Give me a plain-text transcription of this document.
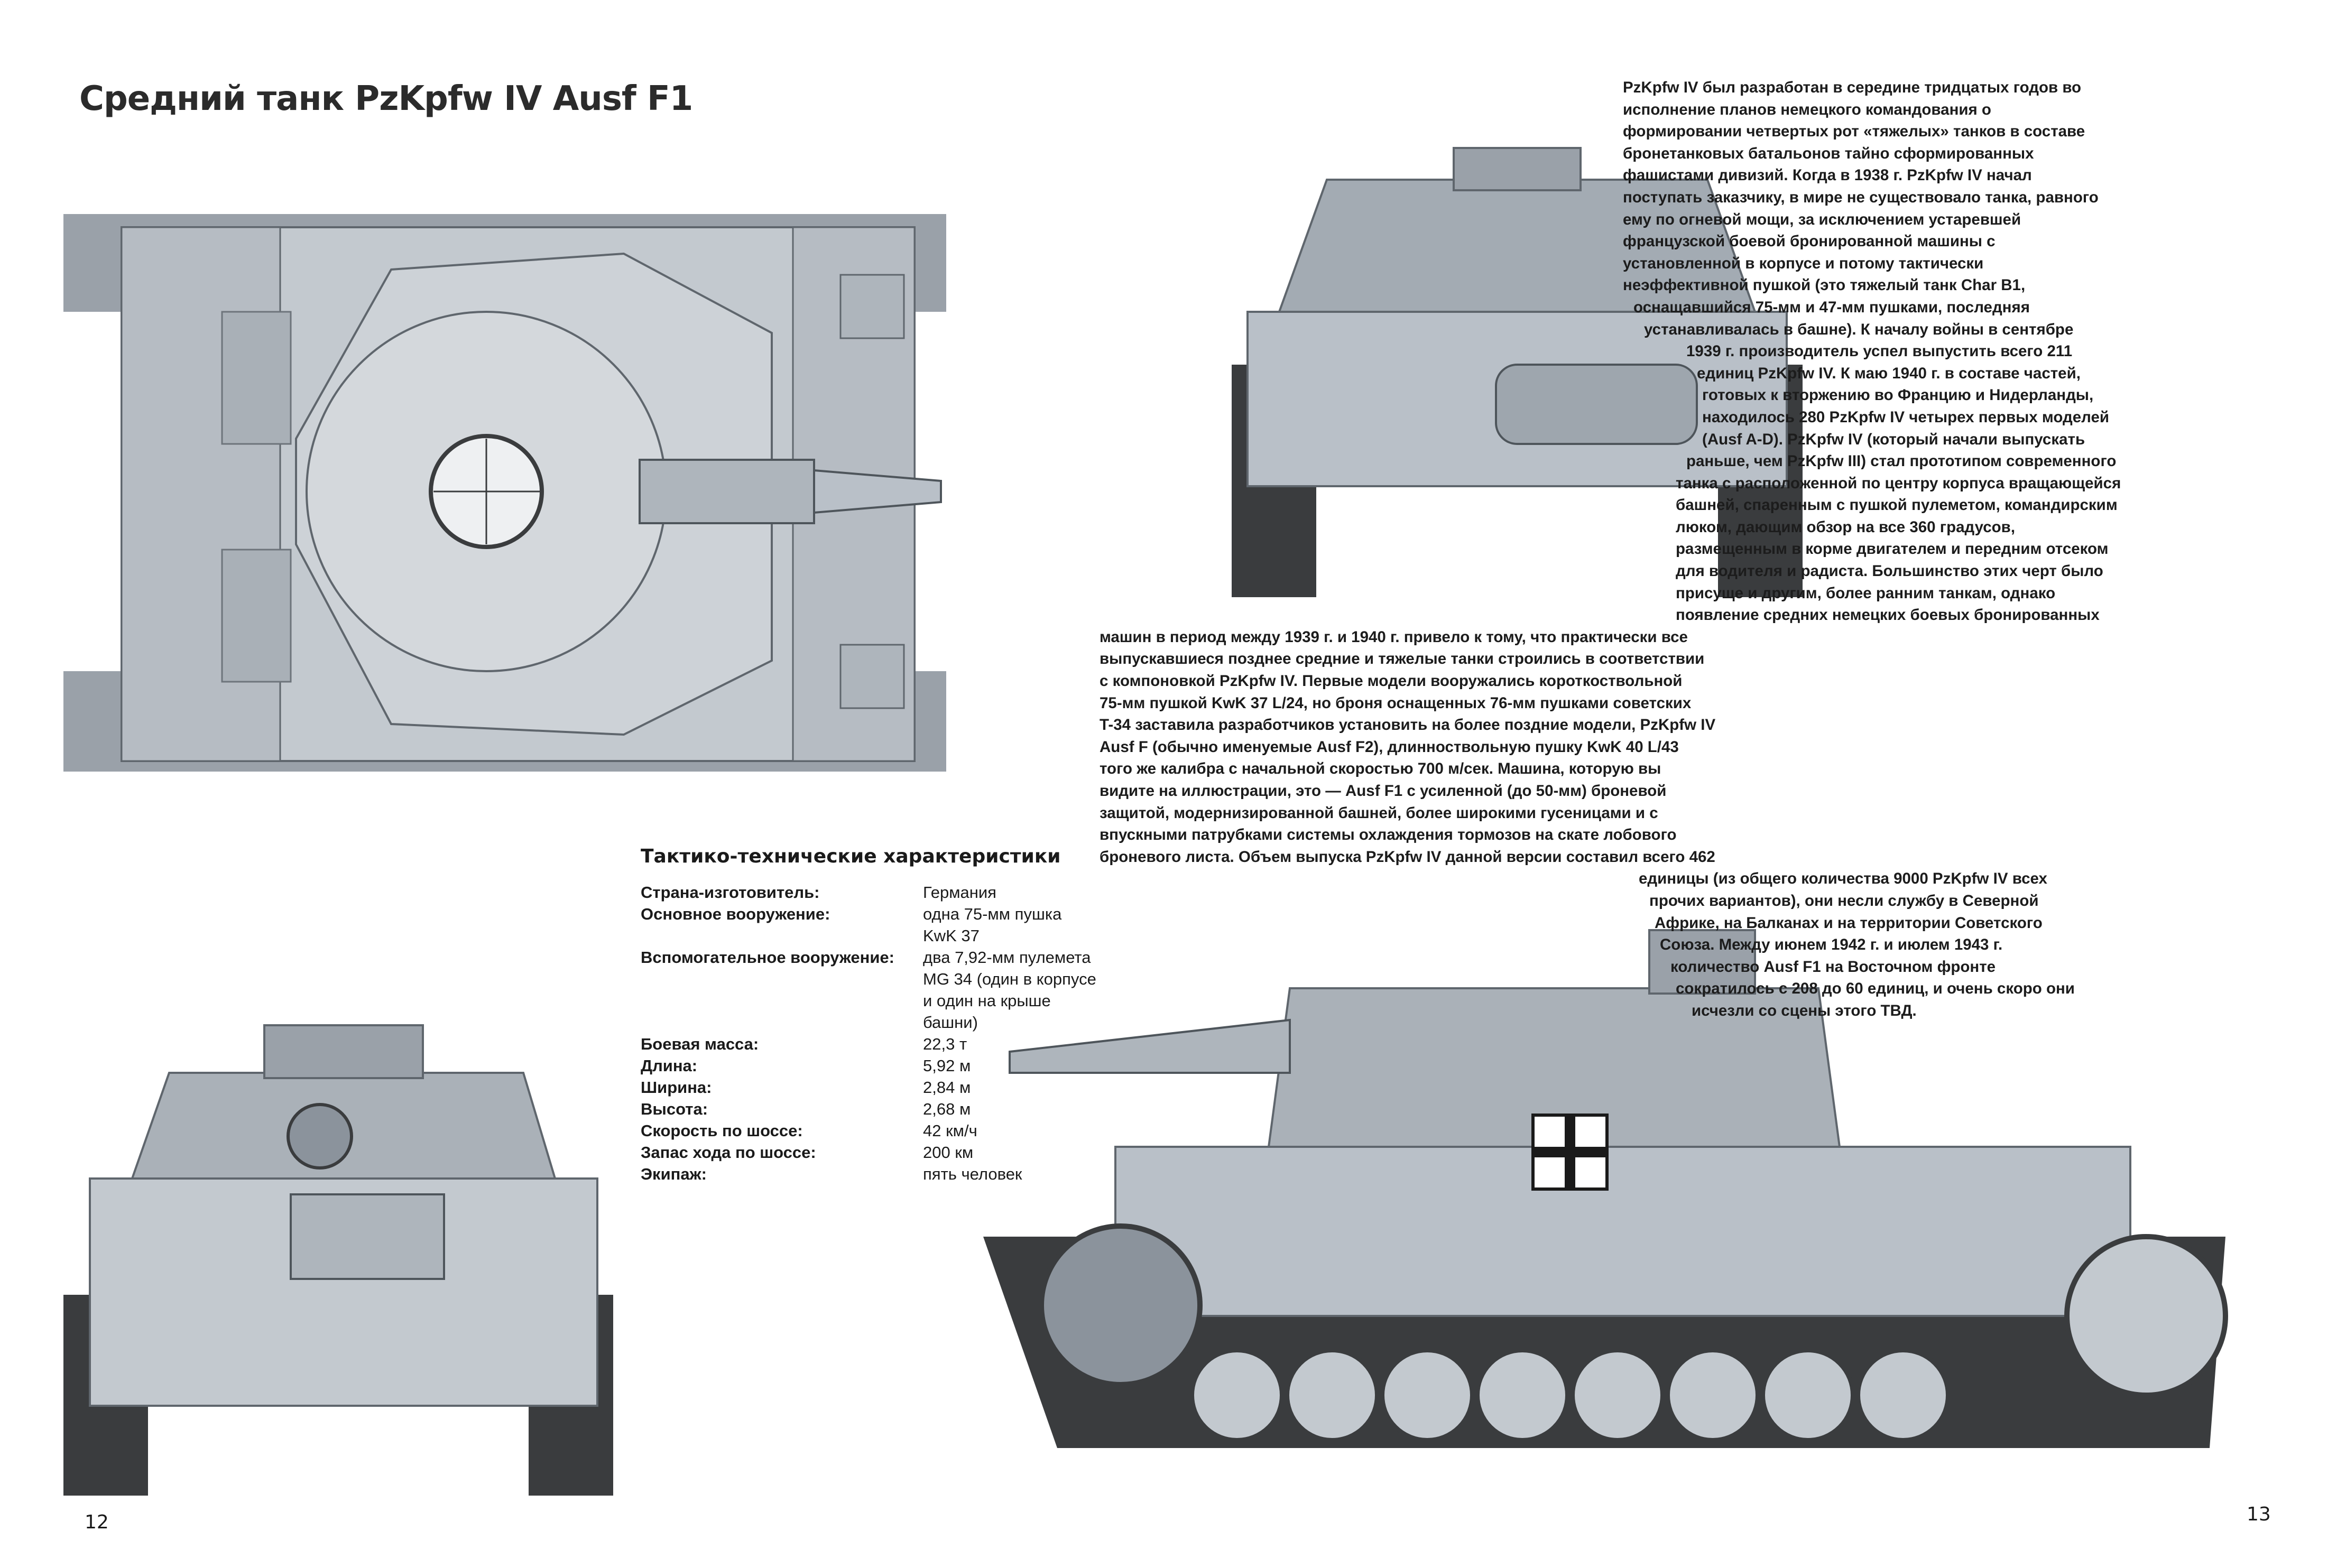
Средний танк PzKpfw IV Ausf F1
Тактико-технические характеристики
Страна-изготовитель:	Германия
Основное вооружение:	одна 75-мм пушка KwK 37
Вспомогательное вооружение:	два 7,92-мм пулемета MG 34 (один в корпусе и один на крыше башни)
Боевая масса:	22,3 т
Длина:	5,92 м
Ширина:	2,84 м
Высота:	2,68 м
Скорость по шоссе:	42 км/ч
Запас хода по шоссе:	200 км
Экипаж:	пять человек
PzKpfw IV был разработан в середине тридцатых годов во
исполнение планов немецкого командования о
формировании четвертых рот «тяжелых» танков в составе
бронетанковых батальонов тайно сформированных
фашистами дивизий. Когда в 1938 г. PzKpfw IV начал
поступать заказчику, в мире не существовало танка, равного
ему по огневой мощи, за исключением устаревшей
французской боевой бронированной машины с
установленной в корпусе и потому тактически
неэффективной пушкой (это тяжелый танк Char B1,
оснащавшийся 75-мм и 47-мм пушками, последняя
устанавливалась в башне). К началу войны в сентябре
1939 г. производитель успел выпустить всего 211
единиц PzKpfw IV. К маю 1940 г. в составе частей,
готовых к вторжению во Францию и Нидерланды,
находилось 280 PzKpfw IV четырех первых моделей
(Ausf A-D). PzKpfw IV (который начали выпускать
раньше, чем PzKpfw III) стал прототипом современного
танка с расположенной по центру корпуса вращающейся
башней, спаренным с пушкой пулеметом, командирским
люком, дающим обзор на все 360 градусов,
размещенным в корме двигателем и передним отсеком
для водителя и радиста. Большинство этих черт было
присуще и другим, более ранним танкам, однако
появление средних немецких боевых бронированных
машин в период между 1939 г. и 1940 г. привело к тому, что практически все
выпускавшиеся позднее средние и тяжелые танки строились в соответствии
с компоновкой PzKpfw IV. Первые модели вооружались короткоствольной
75-мм пушкой KwK 37 L/24, но броня оснащенных 76-мм пушками советских
T-34 заставила разработчиков установить на более поздние модели, PzKpfw IV
Ausf F (обычно именуемые Ausf F2), длинноствольную пушку KwK 40 L/43
того же калибра с начальной скоростью 700 м/сек. Машина, которую вы
видите на иллюстрации, это — Ausf F1 с усиленной (до 50-мм) броневой
защитой, модернизированной башней, более широкими гусеницами и с
впускными патрубками системы охлаждения тормозов на скате лобового
броневого листа. Объем выпуска PzKpfw IV данной версии составил всего 462
единицы (из общего количества 9000 PzKpfw IV всех
прочих вариантов), они несли службу в Северной
Африке, на Балканах и на территории Советского
Союза. Между июнем 1942 г. и июлем 1943 г.
количество Ausf F1 на Восточном фронте
сократилось с 208 до 60 единиц, и очень скоро они
исчезли со сцены этого ТВД.
12	13
